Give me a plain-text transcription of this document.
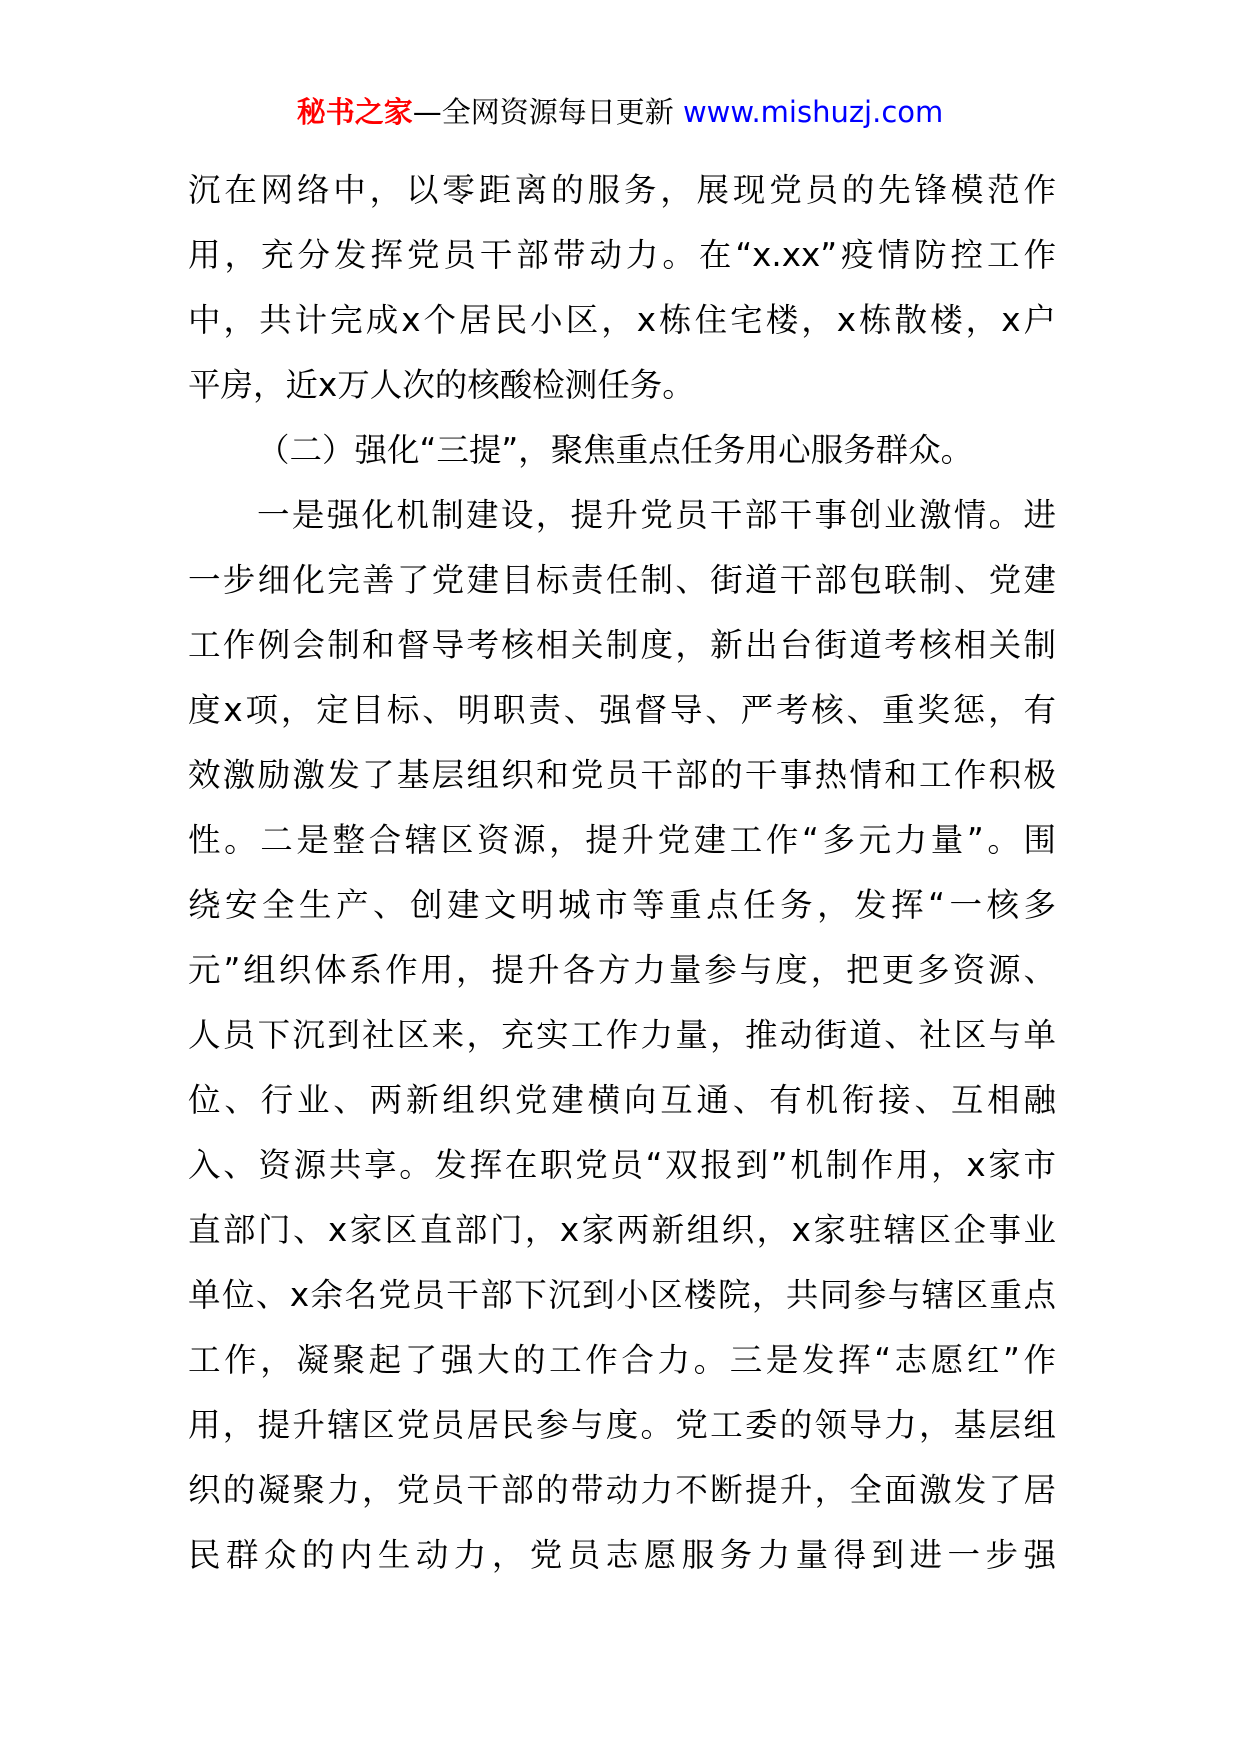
秘书之家—全网资源每日更新 www.mishuzj.com
沉在网络中，以零距离的服务，展现党员的先锋模范作
用，充分发挥党员干部带动力。在“x.xx”疫情防控工作
中，共计完成x个居民小区，x栋住宅楼，x栋散楼，x户
平房，近x万人次的核酸检测任务。
（二）强化“三提”，聚焦重点任务用心服务群众。
一是强化机制建设，提升党员干部干事创业激情。进
一步细化完善了党建目标责任制、街道干部包联制、党建
工作例会制和督导考核相关制度，新出台街道考核相关制
度x项，定目标、明职责、强督导、严考核、重奖惩，有
效激励激发了基层组织和党员干部的干事热情和工作积极
性。二是整合辖区资源，提升党建工作“多元力量”。围
绕安全生产、创建文明城市等重点任务，发挥“一核多
元”组织体系作用，提升各方力量参与度，把更多资源、
人员下沉到社区来，充实工作力量，推动街道、社区与单
位、行业、两新组织党建横向互通、有机衔接、互相融
入、资源共享。发挥在职党员“双报到”机制作用，x家市
直部门、x家区直部门，x家两新组织，x家驻辖区企事业
单位、x余名党员干部下沉到小区楼院，共同参与辖区重点
工作，凝聚起了强大的工作合力。三是发挥“志愿红”作
用，提升辖区党员居民参与度。党工委的领导力，基层组
织的凝聚力，党员干部的带动力不断提升，全面激发了居
民群众的内生动力，党员志愿服务力量得到进一步强
